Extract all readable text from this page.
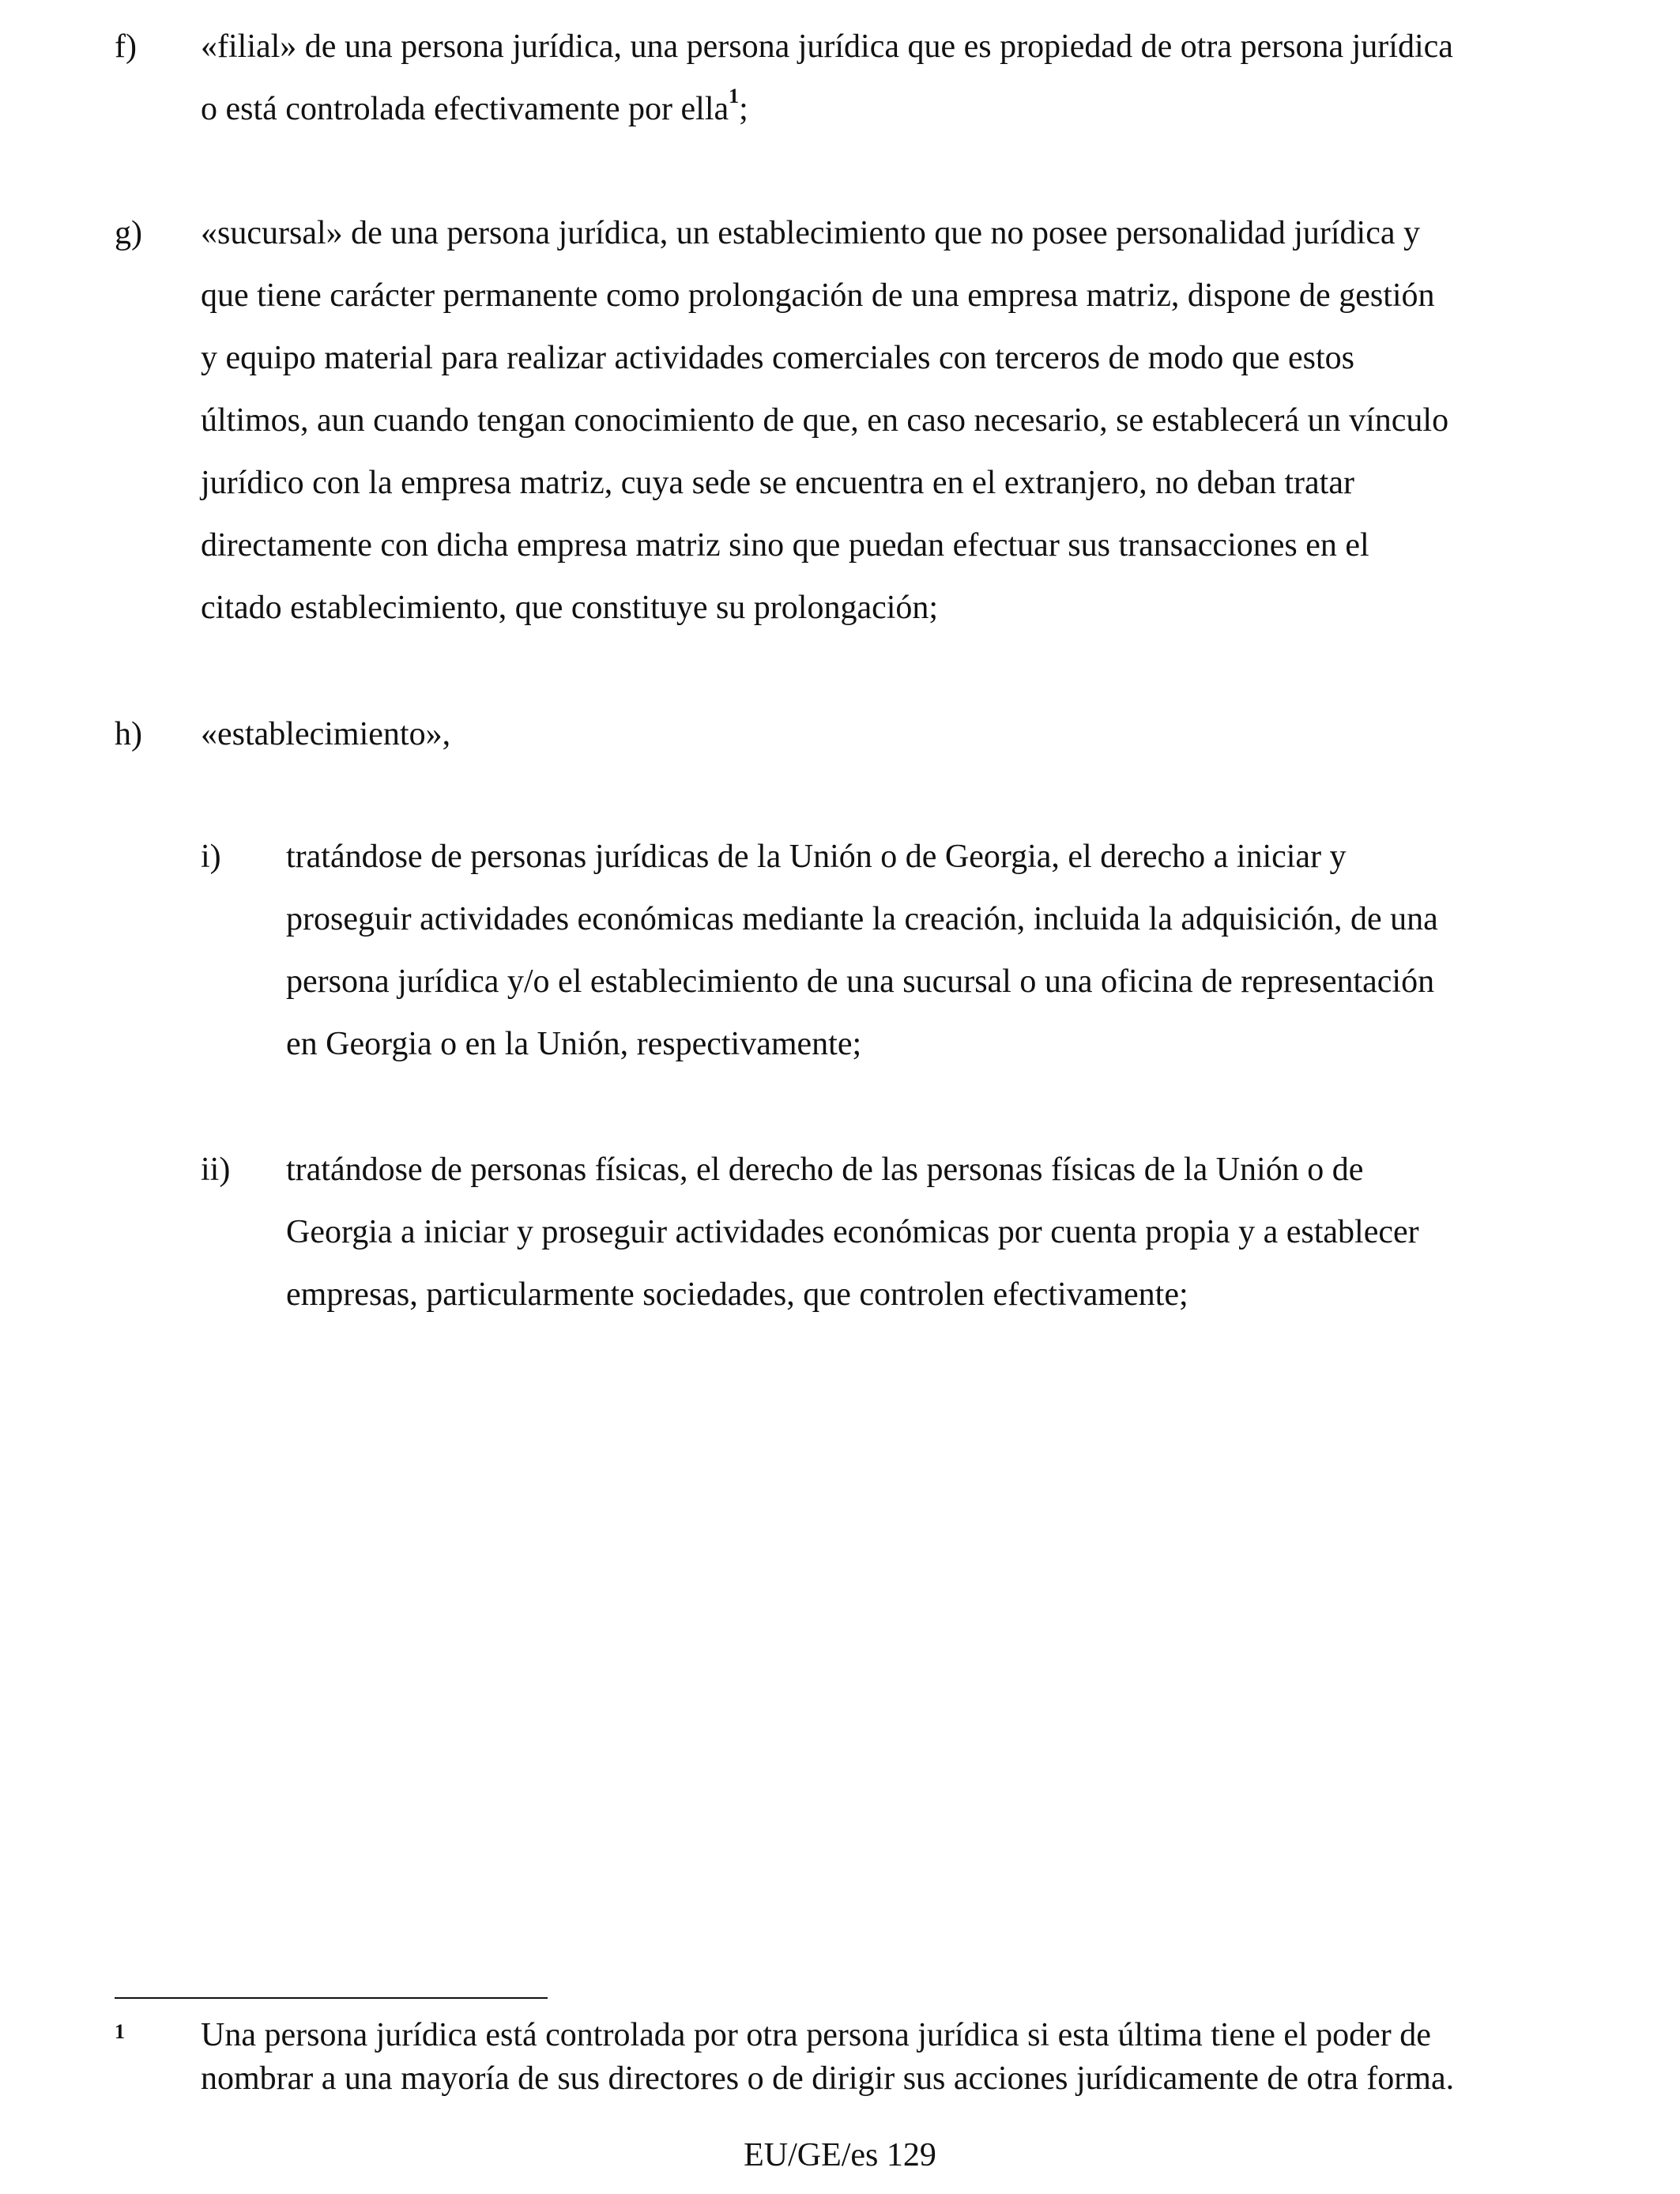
f) «filial» de una persona jurídica, una persona jurídica que es propiedad de otra persona jurídica
o está controlada efectivamente por ella$^1$;
g) «sucursal» de una persona jurídica, un establecimiento que no posee personalidad jurídica y
que tiene carácter permanente como prolongación de una empresa matriz, dispone de gestión
y equipo material para realizar actividades comerciales con terceros de modo que estos
últimos, aun cuando tengan conocimiento de que, en caso necesario, se establecerá un vínculo
jurídico con la empresa matriz, cuya sede se encuentra en el extranjero, no deban tratar
directamente con dicha empresa matriz sino que puedan efectuar sus transacciones en el
citado establecimiento, que constituye su prolongación;
h) «establecimiento»,
i) tratándose de personas jurídicas de la Unión o de Georgia, el derecho a iniciar y
proseguir actividades económicas mediante la creación, incluida la adquisición, de una
persona jurídica y/o el establecimiento de una sucursal o una oficina de representación
en Georgia o en la Unión, respectivamente;
ii) tratándose de personas físicas, el derecho de las personas físicas de la Unión o de
Georgia a iniciar y proseguir actividades económicas por cuenta propia y a establecer
empresas, particularmente sociedades, que controlen efectivamente;
1 Una persona jurídica está controlada por otra persona jurídica si esta última tiene el poder de
nombrar a una mayoría de sus directores o de dirigir sus acciones jurídicamente de otra forma.
EU/GE/es 129
